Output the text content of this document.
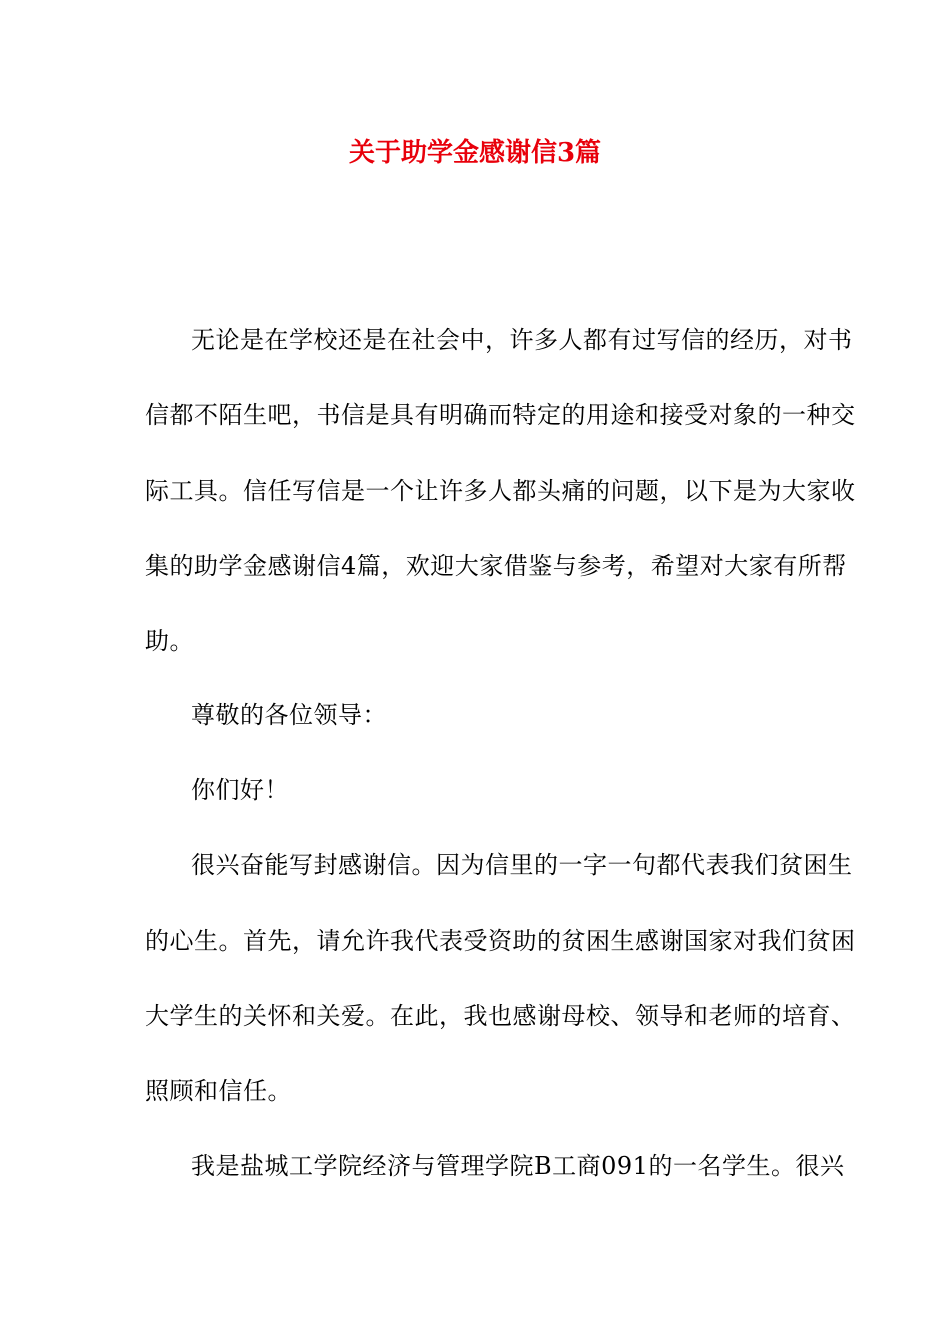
关于助学金感谢信3篇
无论是在学校还是在社会中，许多人都有过写信的经历，对书
信都不陌生吧，书信是具有明确而特定的用途和接受对象的一种交
际工具。信任写信是一个让许多人都头痛的问题，以下是为大家收
集的助学金感谢信4篇，欢迎大家借鉴与参考，希望对大家有所帮
助。
尊敬的各位领导：
你们好！
很兴奋能写封感谢信。因为信里的一字一句都代表我们贫困生
的心生。首先，请允许我代表受资助的贫困生感谢国家对我们贫困
大学生的关怀和关爱。在此，我也感谢母校、领导和老师的培育、
照顾和信任。
我是盐城工学院经济与管理学院B工商091的一名学生。很兴
